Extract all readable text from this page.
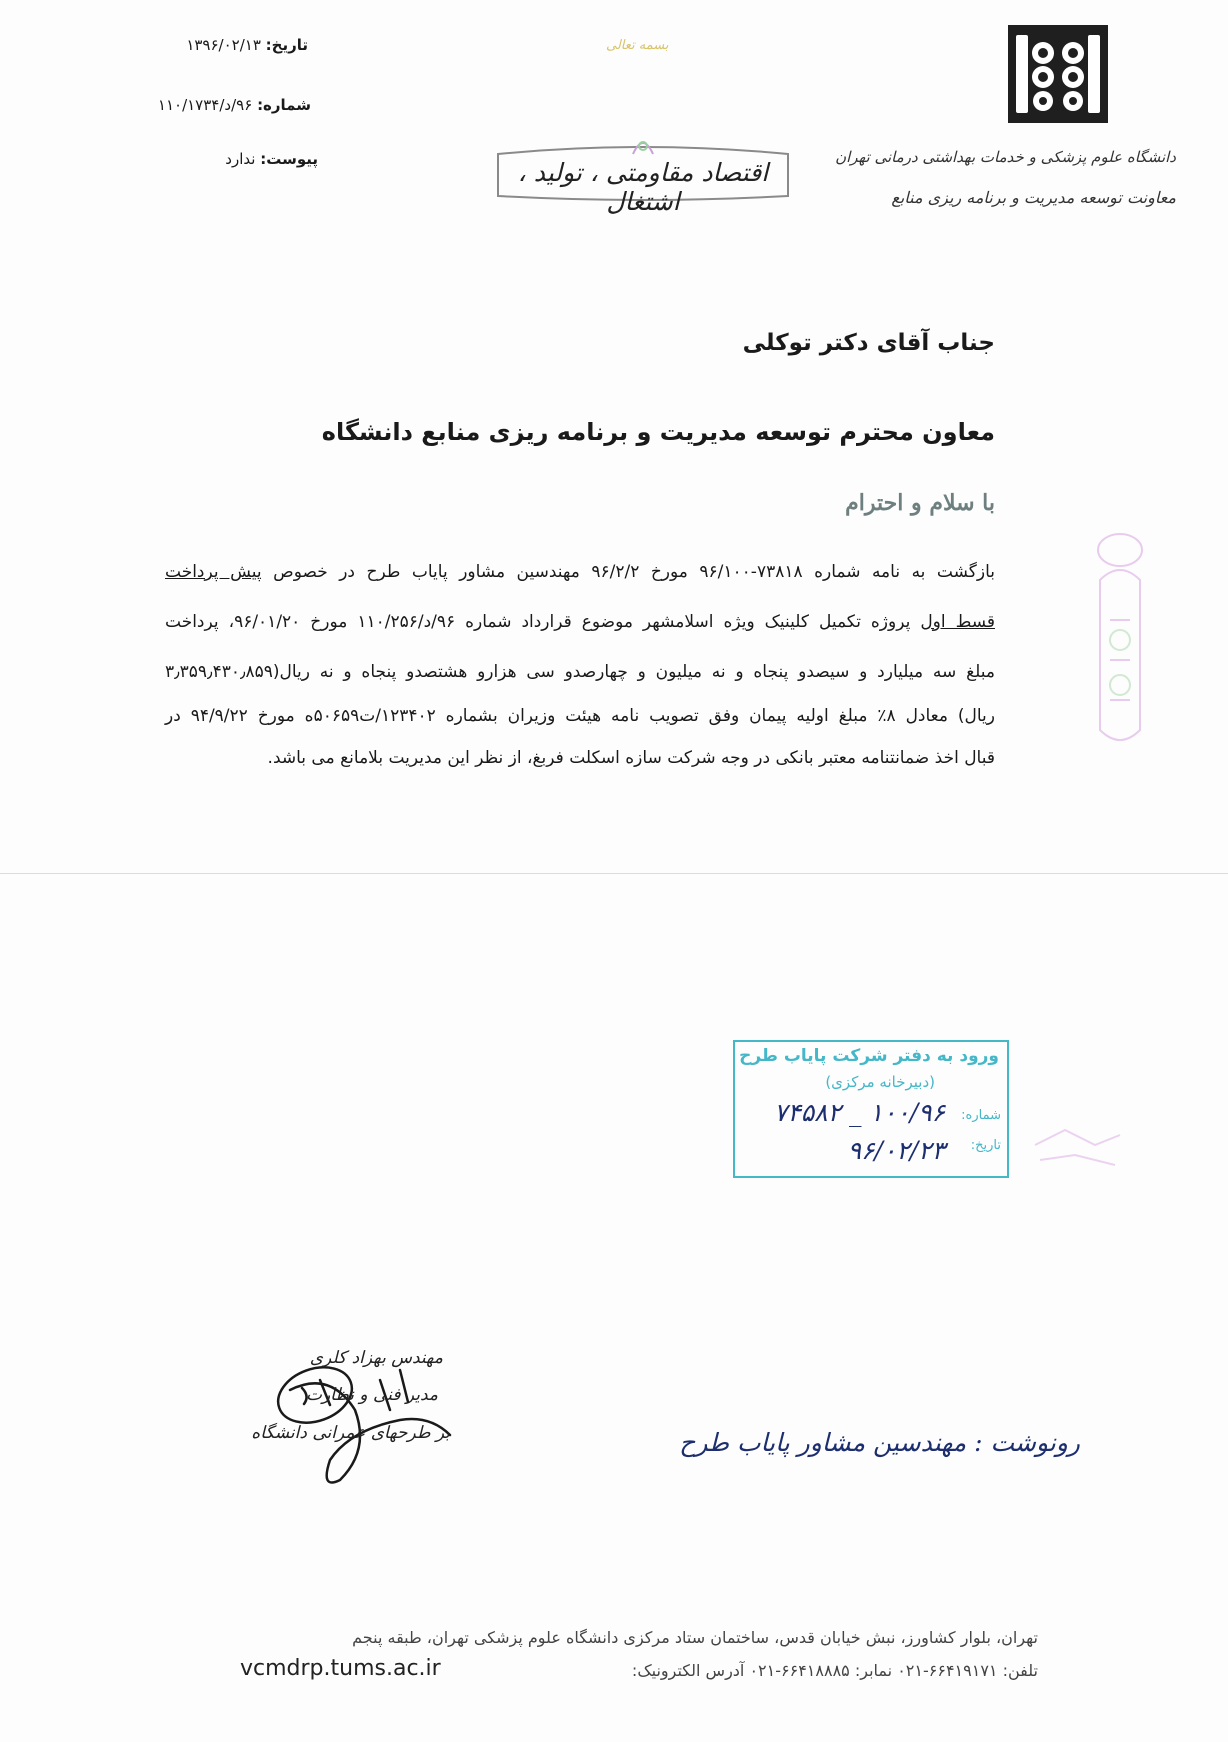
دانشگاه علوم پزشکی و خدمات بهداشتی درمانی تهران
معاونت توسعه مدیریت و برنامه ریزی منابع
تاریخ: ۱۳۹۶/۰۲/۱۳
شماره: ۹۶/د/۱۱۰/۱۷۳۴
پیوست: ندارد
بسمه تعالی
اقتصاد مقاومتی ، تولید ، اشتغال
جناب آقای دکتر توکلی
معاون محترم توسعه مدیریت و برنامه ریزی منابع دانشگاه
با سلام و احترام
بازگشت به نامه شماره ۷۳۸۱۸-۹۶/۱۰۰ مورخ ۹۶/۲/۲ مهندسین مشاور پایاب طرح در خصوص پیش پرداخت
قسط اول پروژه تکمیل کلینیک ویژه اسلامشهر موضوع قرارداد شماره ۹۶/د/۱۱۰/۲۵۶ مورخ ۹۶/۰۱/۲۰، پرداخت
مبلغ سه میلیارد و سیصدو پنجاه و نه میلیون و چهارصدو سی هزارو هشتصدو پنجاه و نه ریال(۳٫۳۵۹٫۴۳۰٫۸۵۹
ریال) معادل ۸٪ مبلغ اولیه پیمان وفق تصویب نامه هیئت وزیران بشماره ۱۲۳۴۰۲/ت۵۰۶۵۹ه مورخ ۹۴/۹/۲۲ در
قبال اخذ ضمانتنامه معتبر بانکی در وجه شرکت سازه اسکلت فربغ، از نظر این مدیریت بلامانع می باشد.
ورود به دفتر شرکت پایاب طرح
(دبیرخانه مرکزی)
شماره:
تاریخ:
۱۰۰/۹۶ _ ۷۴۵۸۲
۹۶/۰۲/۲۳
مهندس بهزاد کلری
مدیر فنی و نظارت
بر طرحهای عمرانی دانشگاه	رونوشت : مهندسین مشاور پایاب طرح
تهران، بلوار کشاورز، نبش خیابان قدس، ساختمان ستاد مرکزی دانشگاه علوم پزشکی تهران، طبقه پنجم
تلفن: ۶۶۴۱۹۱۷۱-۰۲۱ نمابر: ۶۶۴۱۸۸۸۵-۰۲۱ آدرس الکترونیک:
vcmdrp.tums.ac.ir
